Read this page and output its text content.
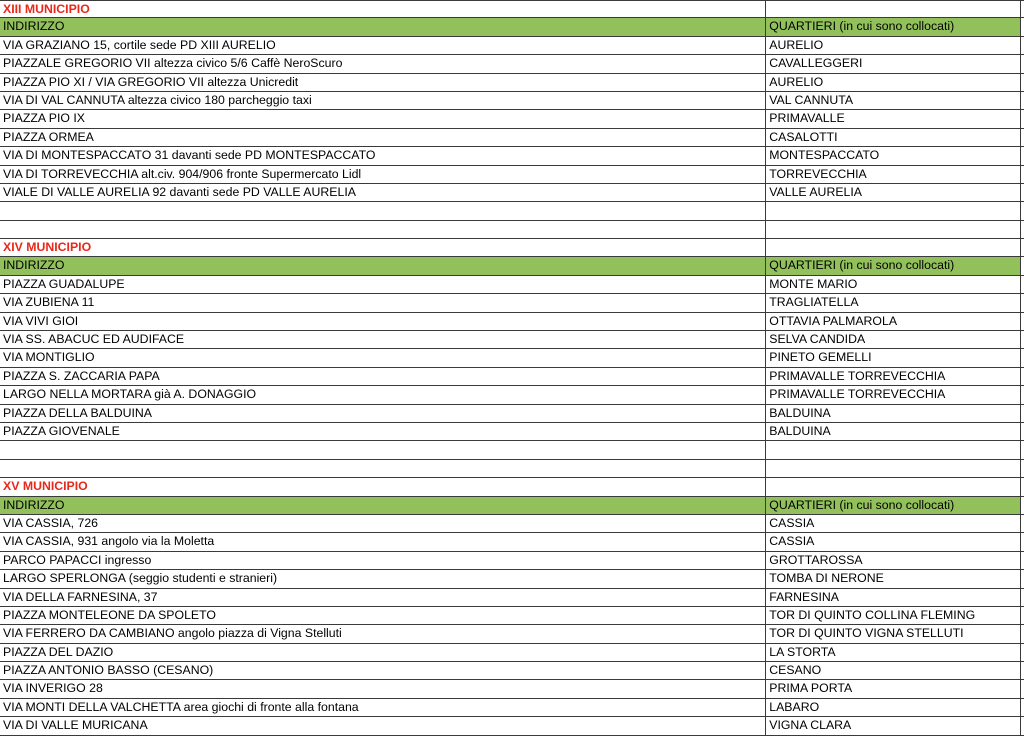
XIII MUNICIPIO
INDIRIZZO	QUARTIERI (in cui sono collocati)
VIA GRAZIANO 15, cortile sede PD XIII AURELIO	AURELIO
PIAZZALE GREGORIO VII altezza civico 5/6 Caffè NeroScuro	CAVALLEGGERI
PIAZZA PIO XI / VIA GREGORIO VII altezza Unicredit	AURELIO
VIA DI VAL CANNUTA altezza civico 180 parcheggio taxi	VAL CANNUTA
PIAZZA PIO IX	PRIMAVALLE
PIAZZA ORMEA	CASALOTTI
VIA DI MONTESPACCATO 31 davanti sede PD MONTESPACCATO	MONTESPACCATO
VIA DI TORREVECCHIA alt.civ. 904/906 fronte Supermercato Lidl	TORREVECCHIA
VIALE DI VALLE AURELIA 92 davanti sede PD VALLE AURELIA	VALLE AURELIA
XIV MUNICIPIO
INDIRIZZO	QUARTIERI (in cui sono collocati)
PIAZZA GUADALUPE	MONTE MARIO
VIA ZUBIENA 11	TRAGLIATELLA
VIA VIVI GIOI	OTTAVIA PALMAROLA
VIA SS. ABACUC ED AUDIFACE	SELVA CANDIDA
VIA MONTIGLIO	PINETO GEMELLI
PIAZZA S. ZACCARIA PAPA	PRIMAVALLE TORREVECCHIA
LARGO NELLA MORTARA già A. DONAGGIO	PRIMAVALLE TORREVECCHIA
PIAZZA DELLA BALDUINA	BALDUINA
PIAZZA GIOVENALE	BALDUINA
XV MUNICIPIO
INDIRIZZO	QUARTIERI (in cui sono collocati)
VIA CASSIA, 726	CASSIA
VIA CASSIA, 931 angolo via la Moletta	CASSIA
PARCO PAPACCI ingresso	GROTTAROSSA
LARGO SPERLONGA (seggio studenti e stranieri)	TOMBA DI NERONE
VIA DELLA FARNESINA, 37	FARNESINA
PIAZZA MONTELEONE DA SPOLETO	TOR DI QUINTO COLLINA FLEMING
VIA FERRERO DA CAMBIANO angolo piazza di Vigna Stelluti	TOR DI QUINTO VIGNA STELLUTI
PIAZZA DEL DAZIO	LA STORTA
PIAZZA ANTONIO BASSO (CESANO)	CESANO
VIA INVERIGO 28	PRIMA PORTA
VIA MONTI DELLA VALCHETTA area giochi di fronte alla fontana	LABARO
VIA DI VALLE MURICANA	VIGNA CLARA
